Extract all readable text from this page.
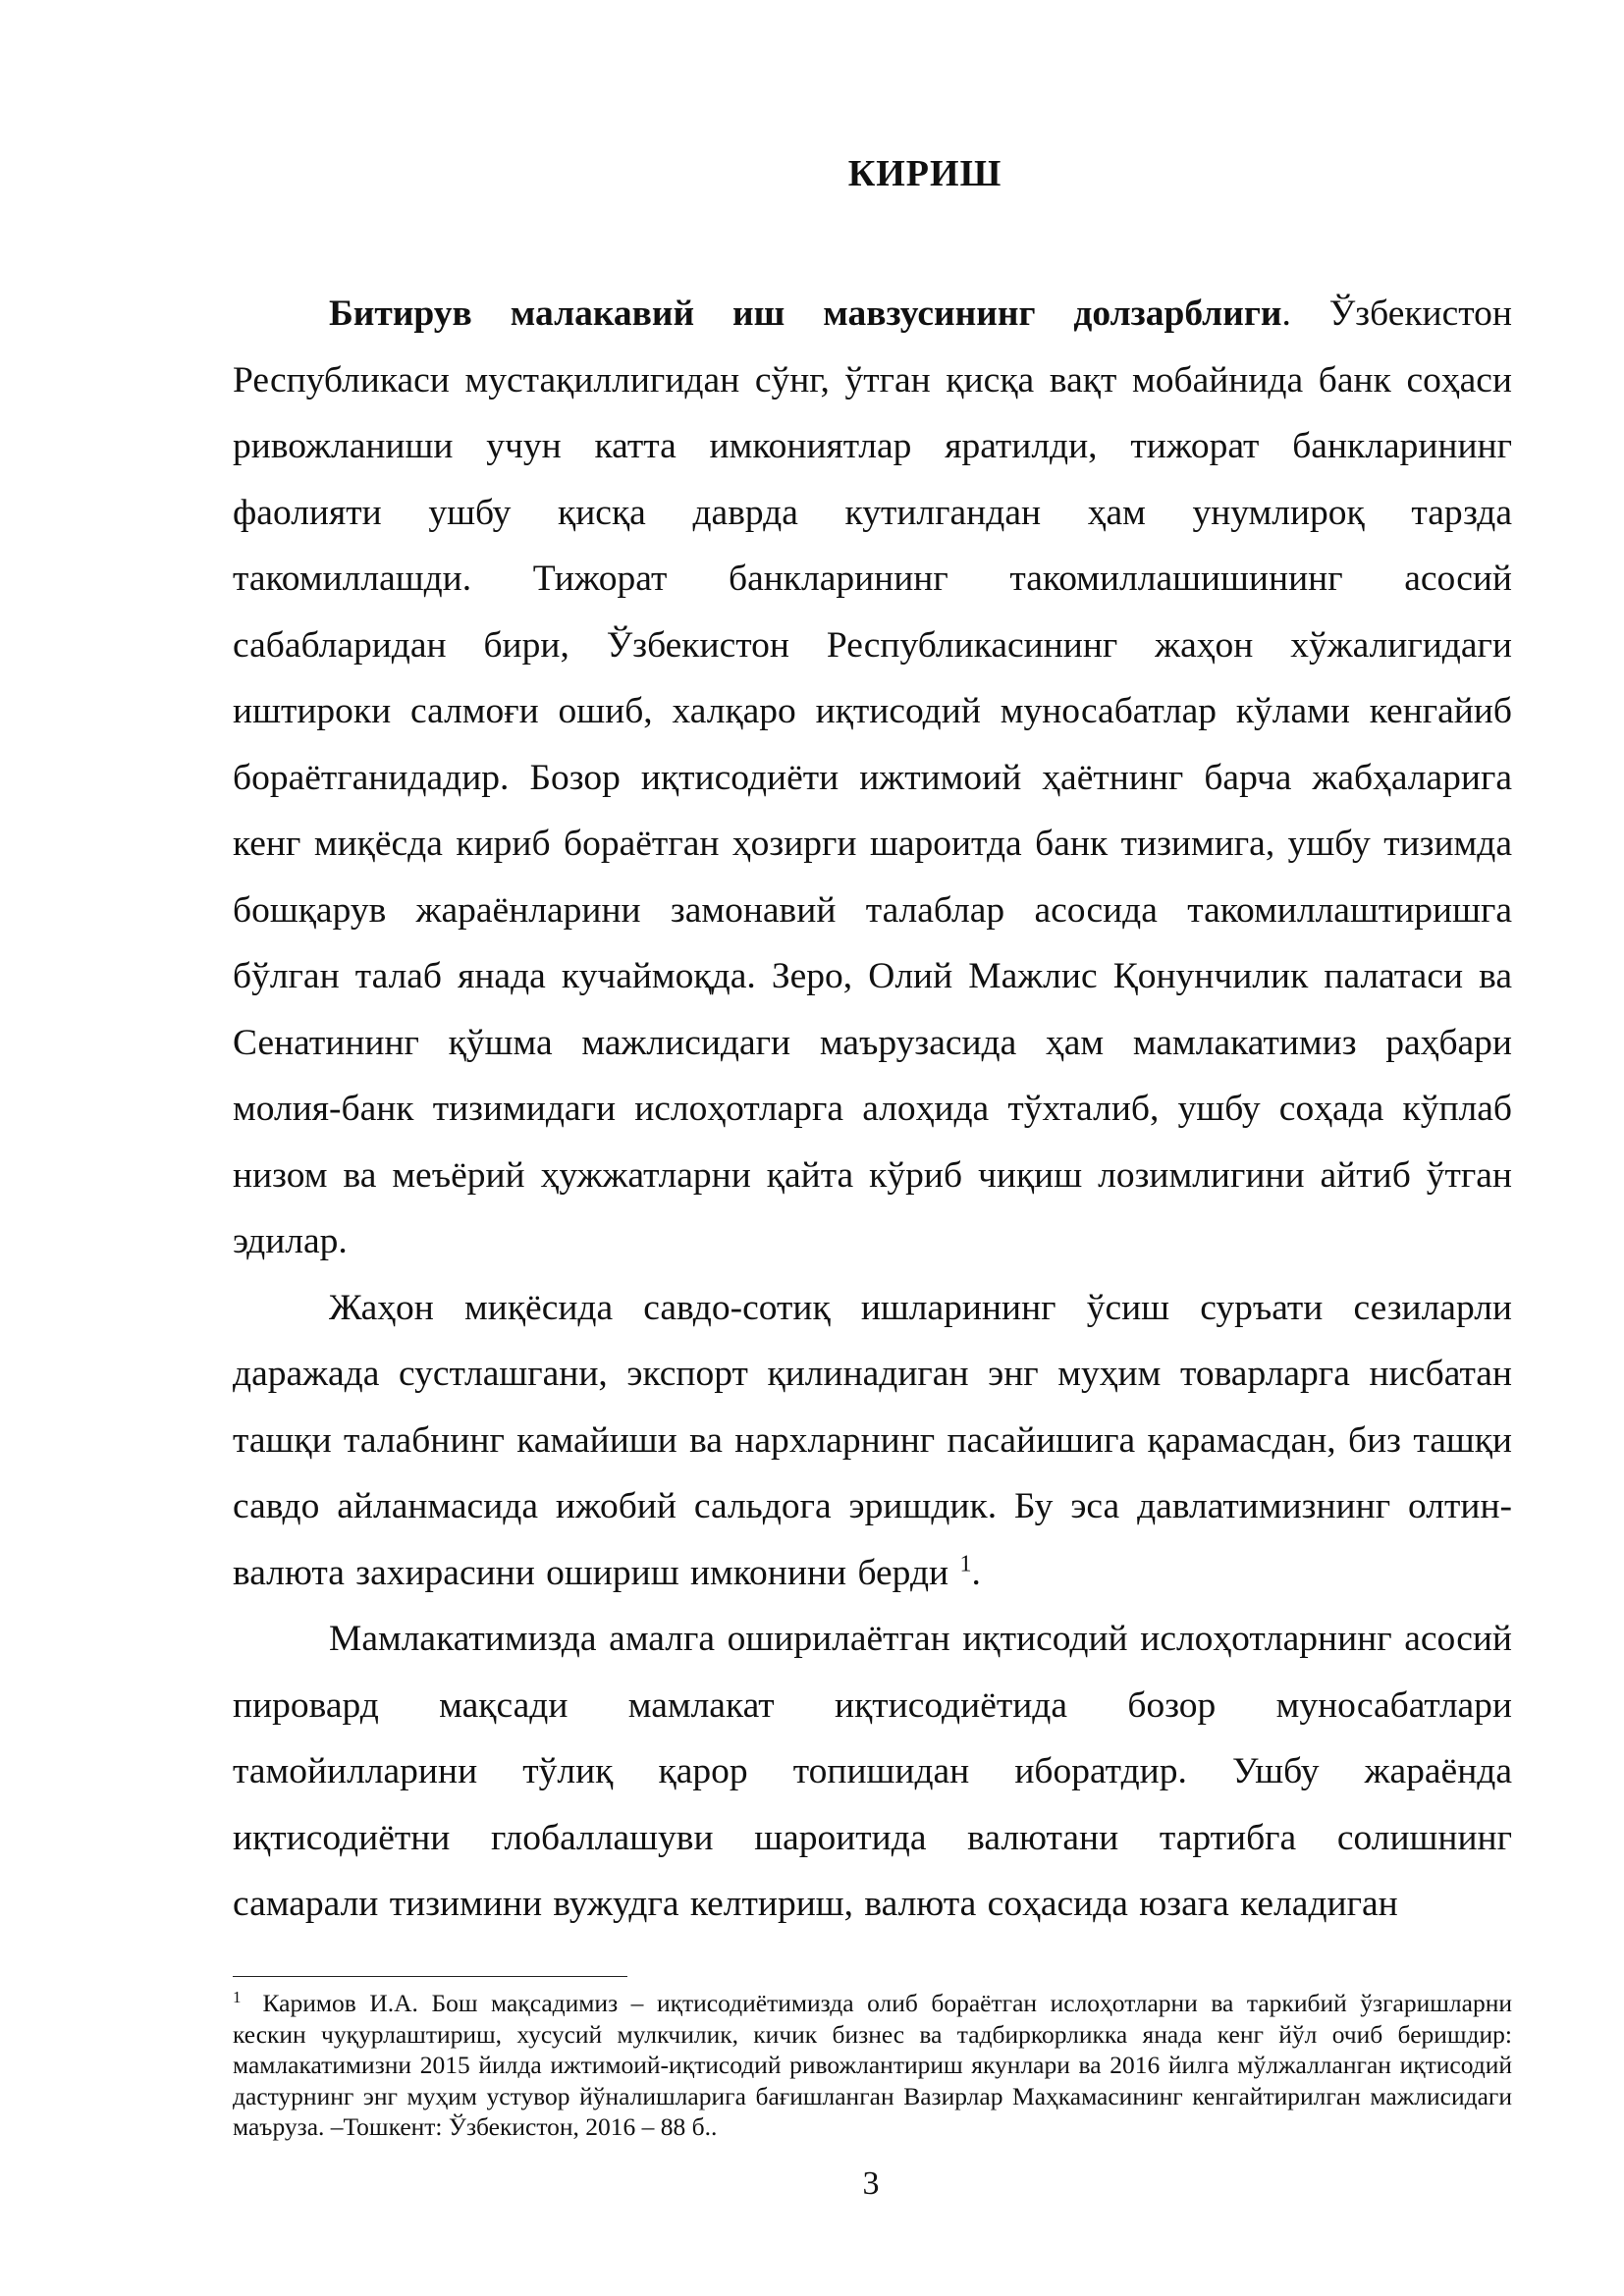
КИРИШ

Битирув малакавий иш мавзусининг долзарблиги. Ўзбекистон Республикаси мустақиллигидан сўнг, ўтган қисқа вақт мобайнида банк соҳаси ривожланиши учун катта имкониятлар яратилди, тижорат банкларининг фаолияти ушбу қисқа даврда кутилгандан ҳам унумлироқ тарзда такомиллашди. Тижорат банкларининг такомиллашишининг асосий сабабларидан бири, Ўзбекистон Республикасининг жаҳон хўжалигидаги иштироки салмоғи ошиб, халқаро иқтисодий муносабатлар кўлами кенгайиб бораётганидадир. Бозор иқтисодиёти ижтимоий ҳаётнинг барча жабҳаларига кенг миқёсда кириб бораётган ҳозирги шароитда банк тизимига, ушбу тизимда бошқарув жараёнларини замонавий талаблар асосида такомиллаштиришга бўлган талаб янада кучаймоқда. Зеро, Олий Мажлис Қонунчилик палатаси ва Сенатининг қўшма мажлисидаги маърузасида ҳам мамлакатимиз раҳбари молия-банк тизимидаги ислоҳотларга алоҳида тўхталиб, ушбу соҳада кўплаб низом ва меъёрий ҳужжатларни қайта кўриб чиқиш лозимлигини айтиб ўтган эдилар.

Жаҳон миқёсида савдо-сотиқ ишларининг ўсиш суръати сезиларли даражада сустлашгани, экспорт қилинадиган энг муҳим товарларга нисбатан ташқи талабнинг камайиши ва нархларнинг пасайишига қарамасдан, биз ташқи савдо айланмасида ижобий сальдога эришдик. Бу эса давлатимизнинг олтин-валюта захирасини ошириш имконини берди $^1$.

Мамлакатимизда амалга оширилаётган иқтисодий ислоҳотларнинг асосий пировард мақсади мамлакат иқтисодиётида бозор муносабатлари тамойилларини тўлиқ қарор топишидан иборатдир. Ушбу жараёнда иқтисодиётни глобаллашуви шароитида валютани тартибга солишнинг самарали тизимини вужудга келтириш, валюта соҳасида юзага келадиган

$^1$ Каримов И.А. Бош мақсадимиз – иқтисодиётимизда олиб бораётган ислоҳотларни ва таркибий ўзгаришларни кескин чуқурлаштириш, хусусий мулкчилик, кичик бизнес ва тадбиркорликка янада кенг йўл очиб беришдир: мамлакатимизни 2015 йилда ижтимоий-иқтисодий ривожлантириш якунлари ва 2016 йилга мўлжалланган иқтисодий дастурнинг энг муҳим устувор йўналишларига бағишланган Вазирлар Маҳкамасининг кенгайтирилган мажлисидаги маъруза. –Тошкент: Ўзбекистон, 2016 – 88 б..
3
